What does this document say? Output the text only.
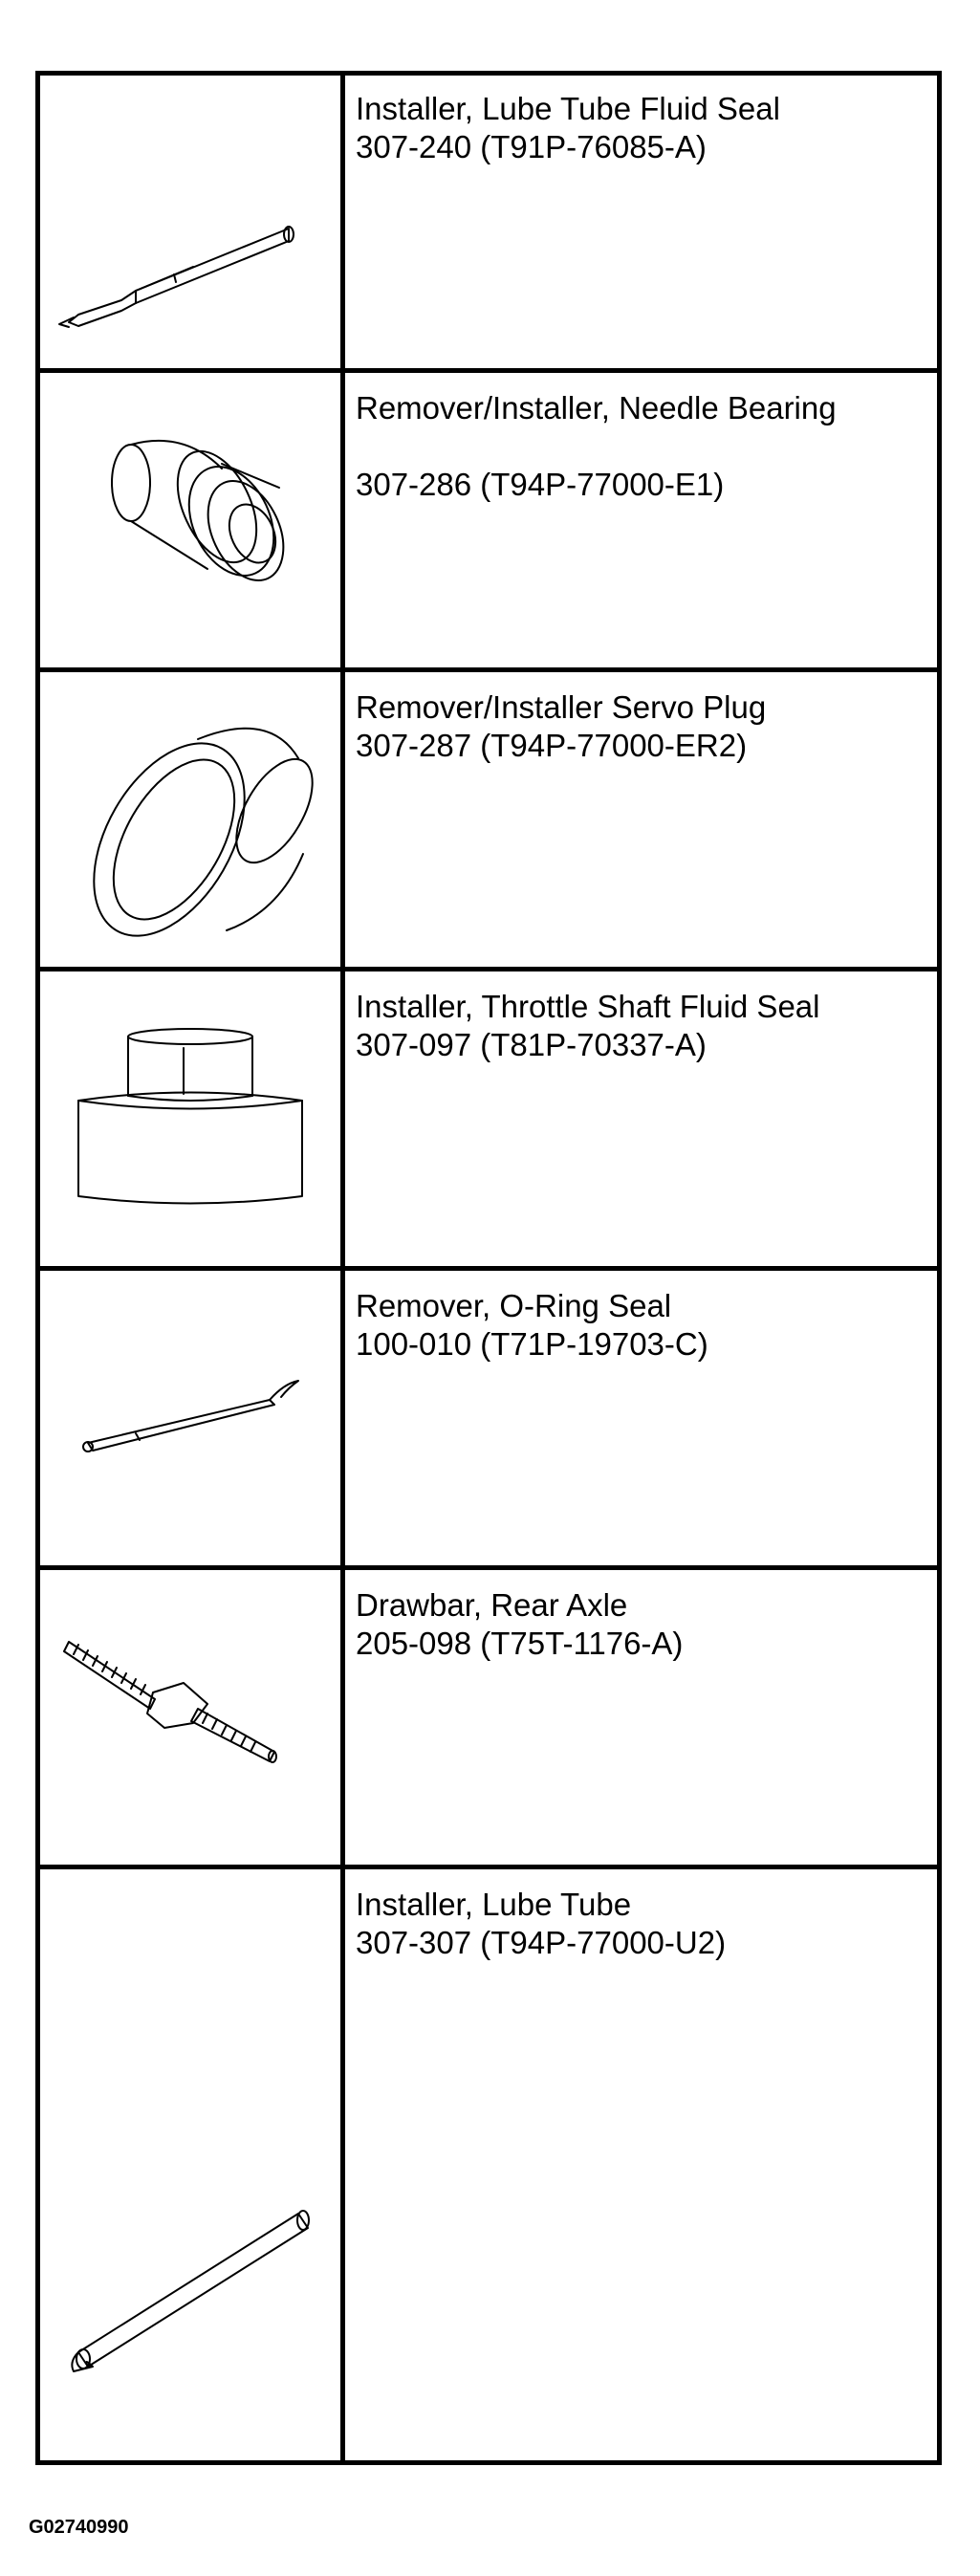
Installer, Lube Tube Fluid Seal
307-240 (T91P-76085-A)
Remover/Installer, Needle Bearing
307-286 (T94P-77000-E1)
Remover/Installer Servo Plug
307-287 (T94P-77000-ER2)
Installer, Throttle Shaft Fluid Seal
307-097 (T81P-70337-A)
Remover, O-Ring Seal
100-010 (T71P-19703-C)
Drawbar, Rear Axle
205-098 (T75T-1176-A)
Installer, Lube Tube
307-307 (T94P-77000-U2)
G02740990
